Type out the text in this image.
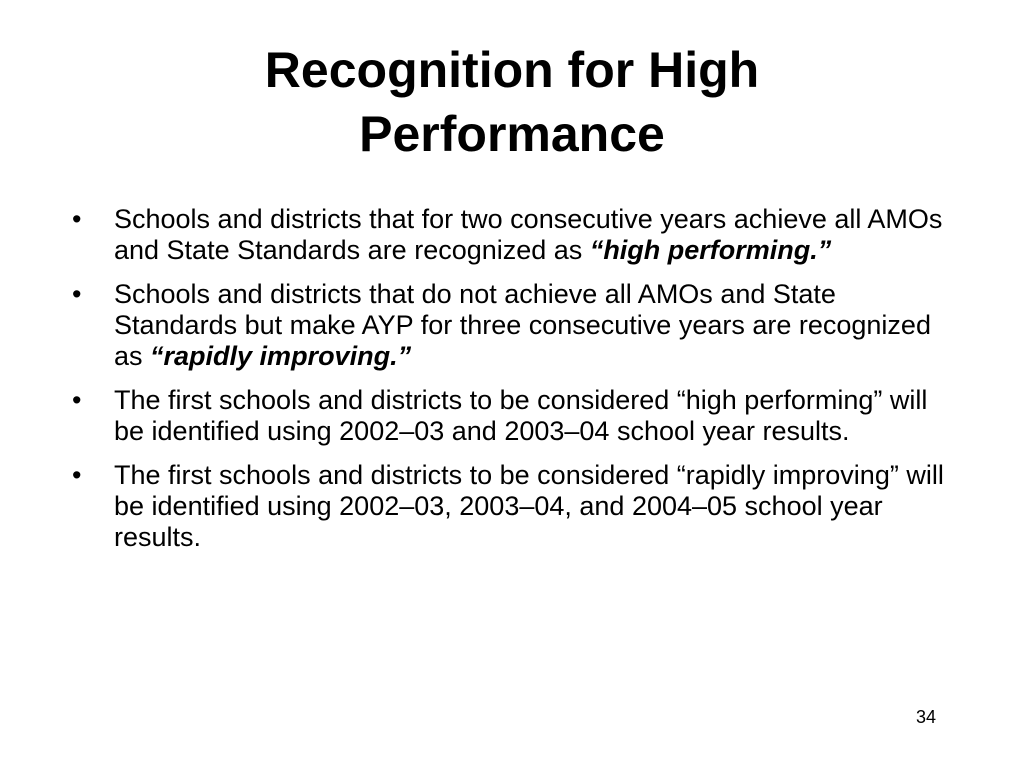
Recognition for High
Performance
•	Schools and districts that for two consecutive years achieve all AMOs and State Standards are recognized as “high performing.”
•	Schools and districts that do not achieve all AMOs and State Standards but make AYP for three consecutive years are recognized as “rapidly improving.”
•	The first schools and districts to be considered “high performing” will be identified using 2002–03 and 2003–04 school year results.
•	The first schools and districts to be considered “rapidly improving” will be identified using 2002–03, 2003–04, and 2004–05 school year results.
34
